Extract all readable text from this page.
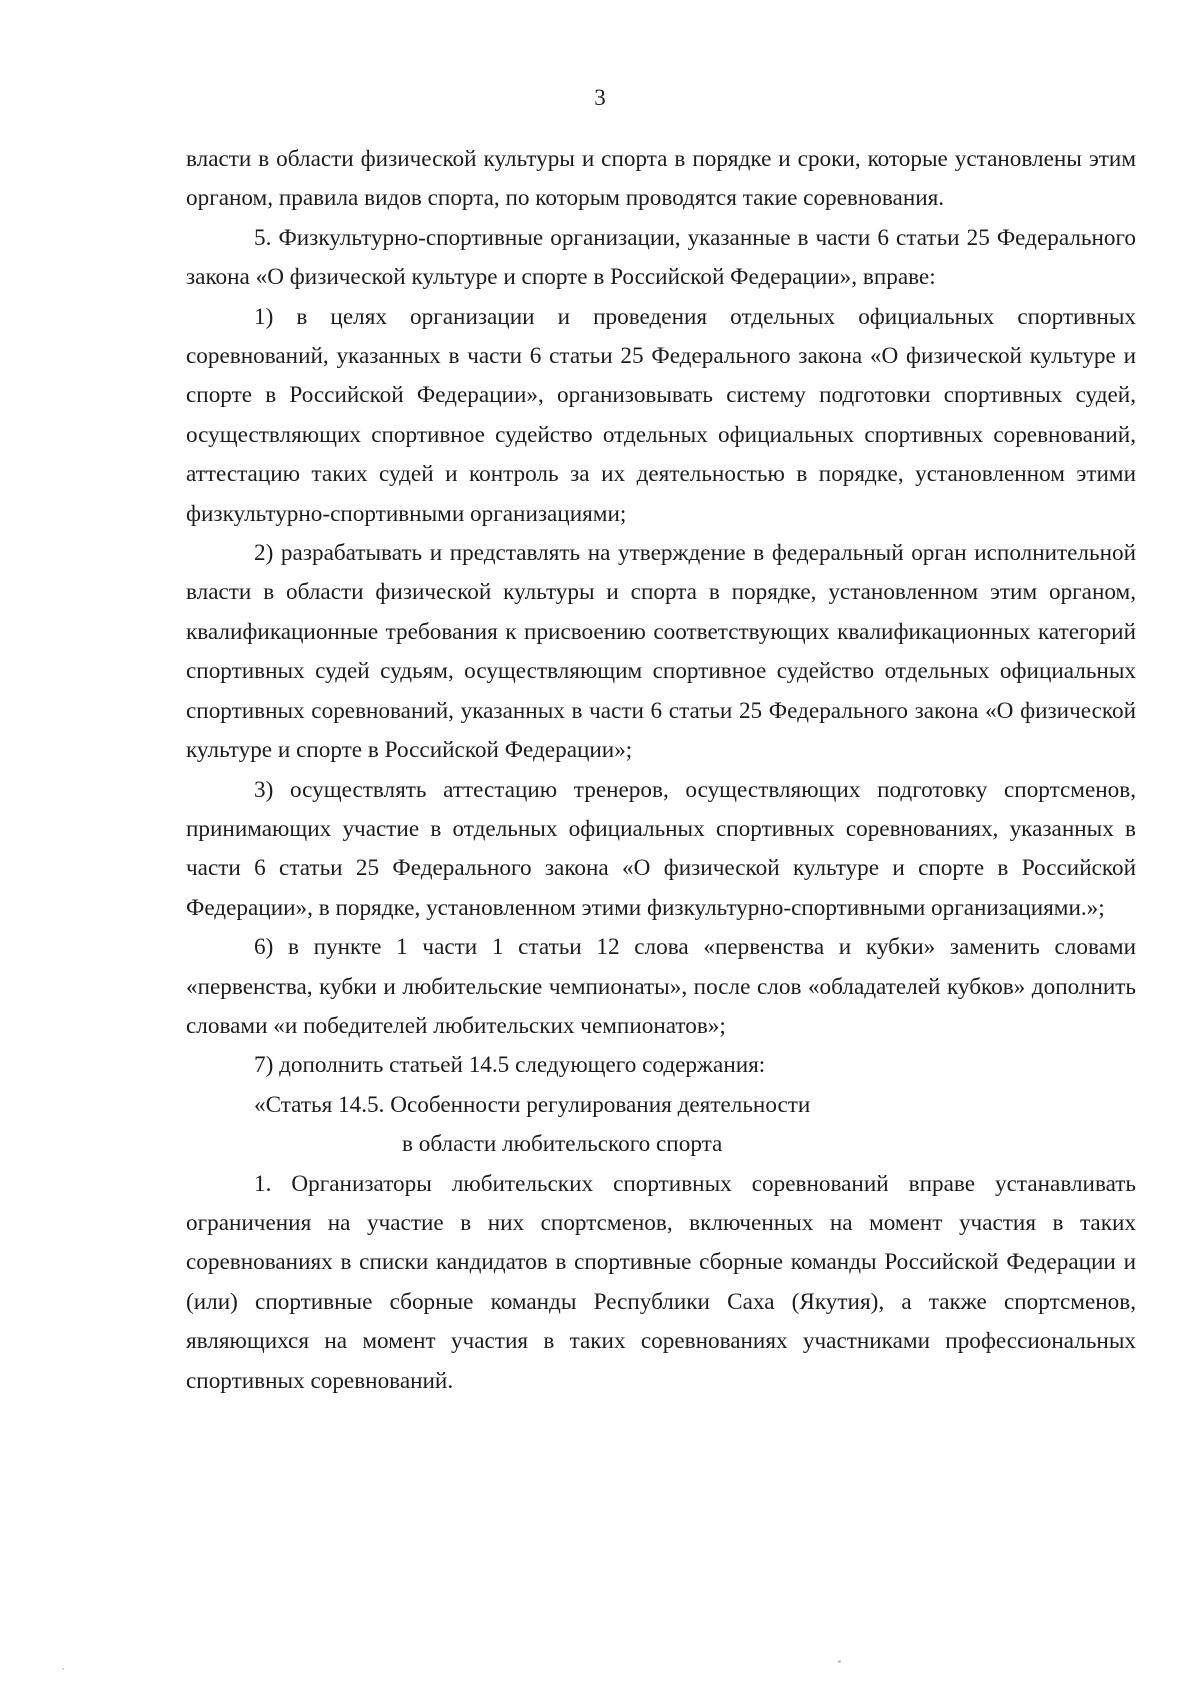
3

власти в области физической культуры и спорта в порядке и сроки, которые установлены этим органом, правила видов спорта, по которым проводятся такие соревнования.

5. Физкультурно-спортивные организации, указанные в части 6 статьи 25 Федерального закона «О физической культуре и спорте в Российской Федерации», вправе:

1) в целях организации и проведения отдельных официальных спортивных соревнований, указанных в части 6 статьи 25 Федерального закона «О физической культуре и спорте в Российской Федерации», организовывать систему подготовки спортивных судей, осуществляющих спортивное судейство отдельных официальных спортивных соревнований, аттестацию таких судей и контроль за их деятельностью в порядке, установленном этими физкультурно-спортивными организациями;

2) разрабатывать и представлять на утверждение в федеральный орган исполнительной власти в области физической культуры и спорта в порядке, установленном этим органом, квалификационные требования к присвоению соответствующих квалификационных категорий спортивных судей судьям, осуществляющим спортивное судейство отдельных официальных спортивных соревнований, указанных в части 6 статьи 25 Федерального закона «О физической культуре и спорте в Российской Федерации»;

3) осуществлять аттестацию тренеров, осуществляющих подготовку спортсменов, принимающих участие в отдельных официальных спортивных соревнованиях, указанных в части 6 статьи 25 Федерального закона «О физической культуре и спорте в Российской Федерации», в порядке, установленном этими физкультурно-спортивными организациями.»;

6) в пункте 1 части 1 статьи 12 слова «первенства и кубки» заменить словами «первенства, кубки и любительские чемпионаты», после слов «обладателей кубков» дополнить словами «и победителей любительских чемпионатов»;

7) дополнить статьей 14.5 следующего содержания:

«Статья 14.5. Особенности регулирования деятельности

в области любительского спорта

1. Организаторы любительских спортивных соревнований вправе устанавливать ограничения на участие в них спортсменов, включенных на момент участия в таких соревнованиях в списки кандидатов в спортивные сборные команды Российской Федерации и (или) спортивные сборные команды Республики Саха (Якутия), а также спортсменов, являющихся на момент участия в таких соревнованиях участниками профессиональных спортивных соревнований.
